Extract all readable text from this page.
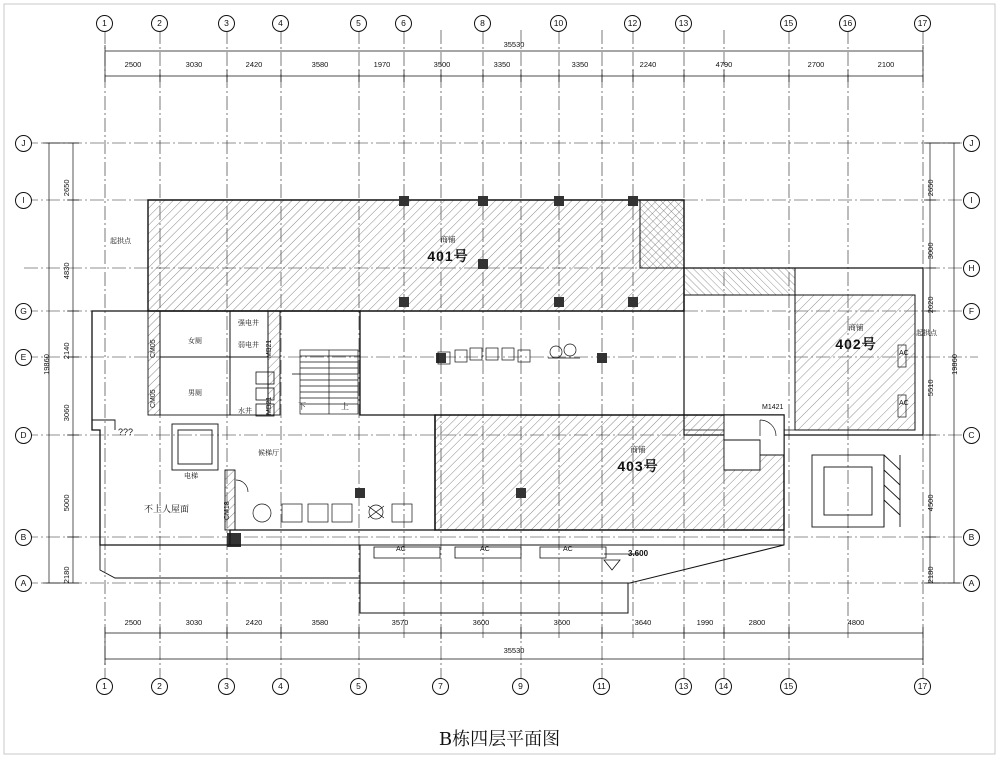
1	2	3	4	5	6	8	10	12	13	15	16	17
1	2	3	4	5	7	9	11	13	14	15	17
J
I
G
E
D
B
A
J
I
H
F
C
B
A
35530
2500	3030	2420	3580	1970	3500	3350	3350	2240	4790	2700	2100
2500	3030	2420	3580	3570	3600	3600	3640	1990	2800	4800
35530
19860
2650
4830
2140
3060
5000
2180
19860
2650
3000
2020
5510
4500
2180
商铺
401号
商铺
402号
商铺
403号
起拱点
起拱点
女厕
男厕
强电井
弱电井
水井
电梯
候梯厅
下	上
不上人屋面
???
3.600
M1421
AC	AC	AC
AC
AC
CM05
CM05
MB21
MB21
CM18
B栋四层平面图
